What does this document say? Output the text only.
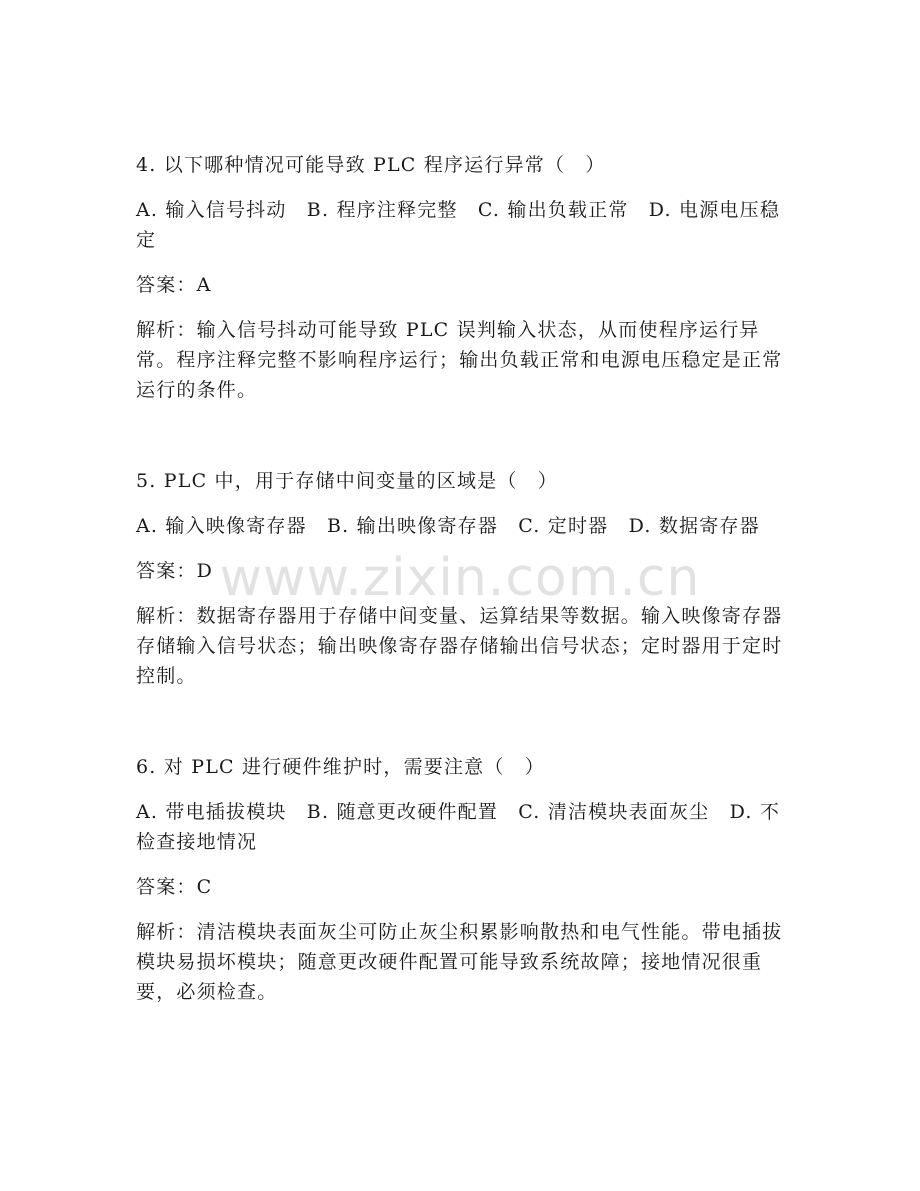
4. 以下哪种情况可能导致 PLC 程序运行异常（　）

A. 输入信号抖动　B. 程序注释完整　C. 输出负载正常　D. 电源电压稳定

答案：A

解析：输入信号抖动可能导致 PLC 误判输入状态，从而使程序运行异常。程序注释完整不影响程序运行；输出负载正常和电源电压稳定是正常运行的条件。

5. PLC 中，用于存储中间变量的区域是（　）

A. 输入映像寄存器　B. 输出映像寄存器　C. 定时器　D. 数据寄存器

答案：D

解析：数据寄存器用于存储中间变量、运算结果等数据。输入映像寄存器存储输入信号状态；输出映像寄存器存储输出信号状态；定时器用于定时控制。

6. 对 PLC 进行硬件维护时，需要注意（　）

A. 带电插拔模块　B. 随意更改硬件配置　C. 清洁模块表面灰尘　D. 不检查接地情况

答案：C

解析：清洁模块表面灰尘可防止灰尘积累影响散热和电气性能。带电插拔模块易损坏模块；随意更改硬件配置可能导致系统故障；接地情况很重要，必须检查。

www.zixin.com.cn
